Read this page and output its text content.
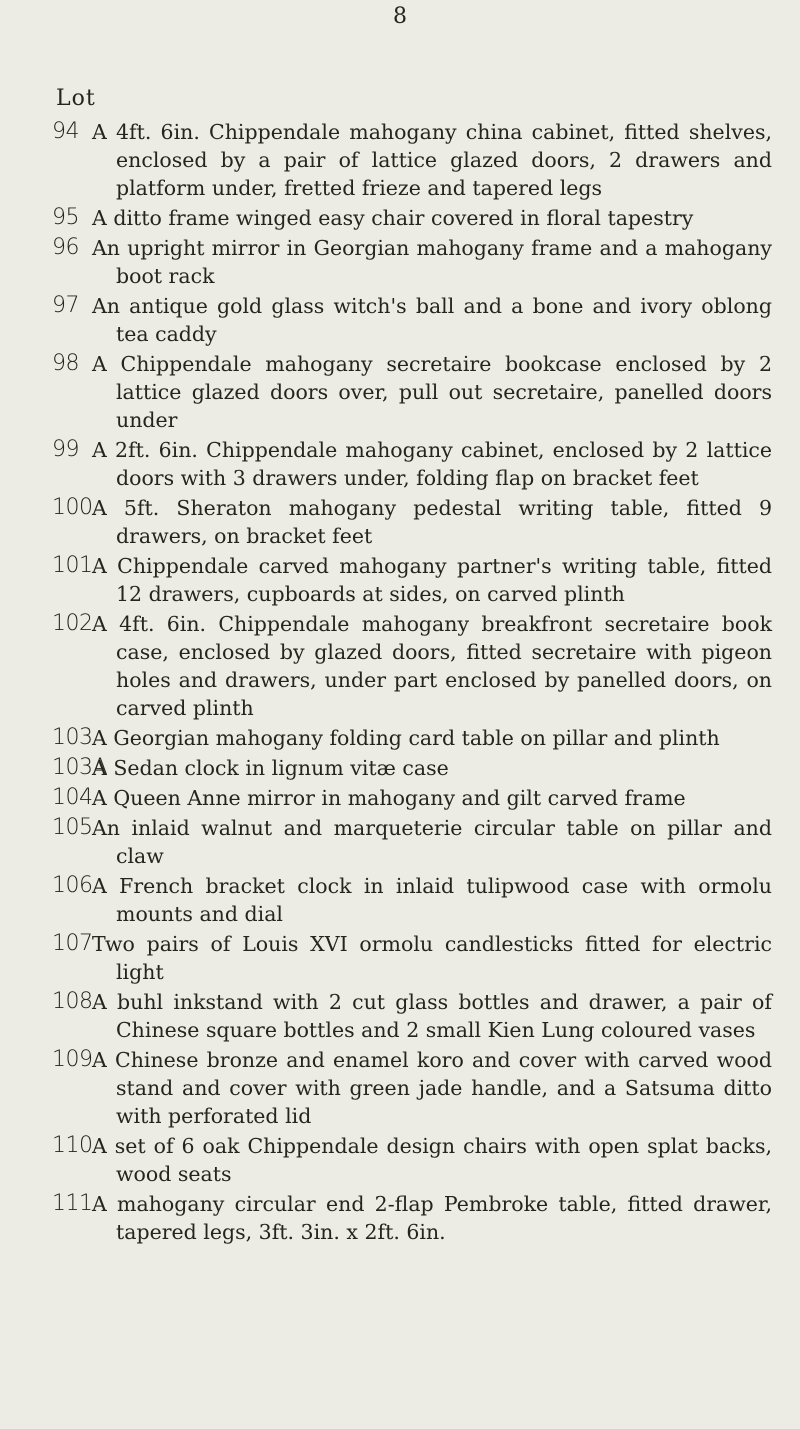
8
Lot
94 A 4ft. 6in. Chippendale mahogany china cabinet, fitted shelves, enclosed by a pair of lattice glazed doors, 2 drawers and platform under, fretted frieze and tapered legs
95 A ditto frame winged easy chair covered in floral tapestry
96 An upright mirror in Georgian mahogany frame and a mahogany boot rack
97 An antique gold glass witch's ball and a bone and ivory oblong tea caddy
98 A Chippendale mahogany secretaire bookcase enclosed by 2 lattice glazed doors over, pull out secretaire, panelled doors under
99 A 2ft. 6in. Chippendale mahogany cabinet, enclosed by 2 lattice doors with 3 drawers under, folding flap on bracket feet
100 A 5ft. Sheraton mahogany pedestal writing table, fitted 9 drawers, on bracket feet
101 A Chippendale carved mahogany partner's writing table, fitted 12 drawers, cupboards at sides, on carved plinth
102 A 4ft. 6in. Chippendale mahogany breakfront secretaire book case, enclosed by glazed doors, fitted secretaire with pigeon holes and drawers, under part enclosed by panelled doors, on carved plinth
103 A Georgian mahogany folding card table on pillar and plinth
103A
A Sedan clock in lignum vitæ case
104 A Queen Anne mirror in mahogany and gilt carved frame
105 An inlaid walnut and marqueterie circular table on pillar and claw
106 A French bracket clock in inlaid tulipwood case with ormolu mounts and dial
107 Two pairs of Louis XVI ormolu candlesticks fitted for electric light
108 A buhl inkstand with 2 cut glass bottles and drawer, a pair of Chinese square bottles and 2 small Kien Lung coloured vases
109 A Chinese bronze and enamel koro and cover with carved wood stand and cover with green jade handle, and a Satsuma ditto with perforated lid
110 A set of 6 oak Chippendale design chairs with open splat backs, wood seats
111 A mahogany circular end 2-flap Pembroke table, fitted drawer, tapered legs, 3ft. 3in. x 2ft. 6in.
